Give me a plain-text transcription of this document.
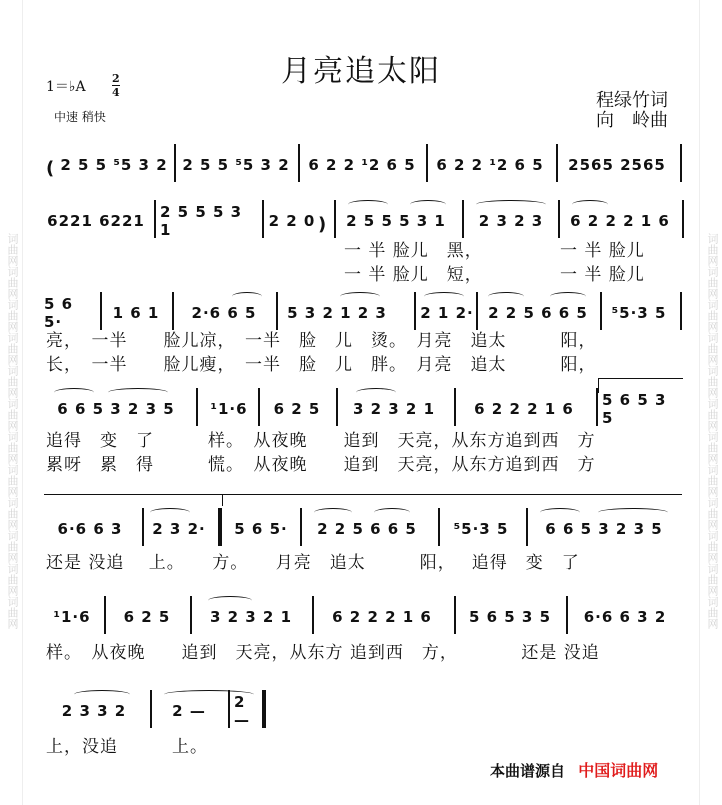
词曲网词曲网词曲网词曲网词曲网词曲网词曲网词曲网词曲网词曲网词曲网词曲网	词曲网词曲网词曲网词曲网词曲网词曲网词曲网词曲网词曲网词曲网词曲网词曲网
月亮追太阳
1＝♭A
2
4
中速 稍快
程绿竹词
向　岭曲
( 2 5 5 ⁵5 3 2 2 5 5 ⁵5 3 2 6 2 2 ¹2 6 5 6 2 2 ¹2 6 5	2565 2565
6221 6221 2 5 5 5 3 1	2 2 0 )	2 5 5 5 3 1	2 3 2 3	6 2 2 2 1 6
一 半 脸儿　黑，	一 半 脸儿
一 半 脸儿　短，	一 半 脸儿
5 6 5·	1 6 1	2·6 6 5	5 3 2 1 2 3	2 1 2· 2 2 5 6 6 5	⁵5·3 5
亮，　一半　　脸儿凉，　一半　脸　儿　烫。　月亮　追太　　　阳，
长，　一半　　脸儿瘦，　一半　脸　儿　胖。　月亮　追太　　　阳，
6 6 5 3 2 3 5	¹1·6	6 2 5	3 2 3 2 1	6 2 2 2 1 6	5 6 5 3 5
追得　变　了　　　样。　从夜晚　　追到　天亮，从东方追到西　方
累呀　累　得　　　慌。　从夜晚　　追到　天亮，从东方追到西　方
6·6 6 3	2 3 2·	5 6 5·	2 2 5 6 6 5	⁵5·3 5	6 6 5 3 2 3 5
还是 没追　 上。　　方。　　月亮　追太　　　阳，　 追得　变　了
¹1·6	6 2 5	3 2 3 2 1	6 2 2 2 1 6	5 6 5 3 5	6·6 6 3 2
样。　从夜晚　　追到　天亮，从东方 追到西　方，　　　　还是 没追
2 3 3 2	2 —	2 —
上，没追　　　上。
本曲谱源自 中国词曲网
